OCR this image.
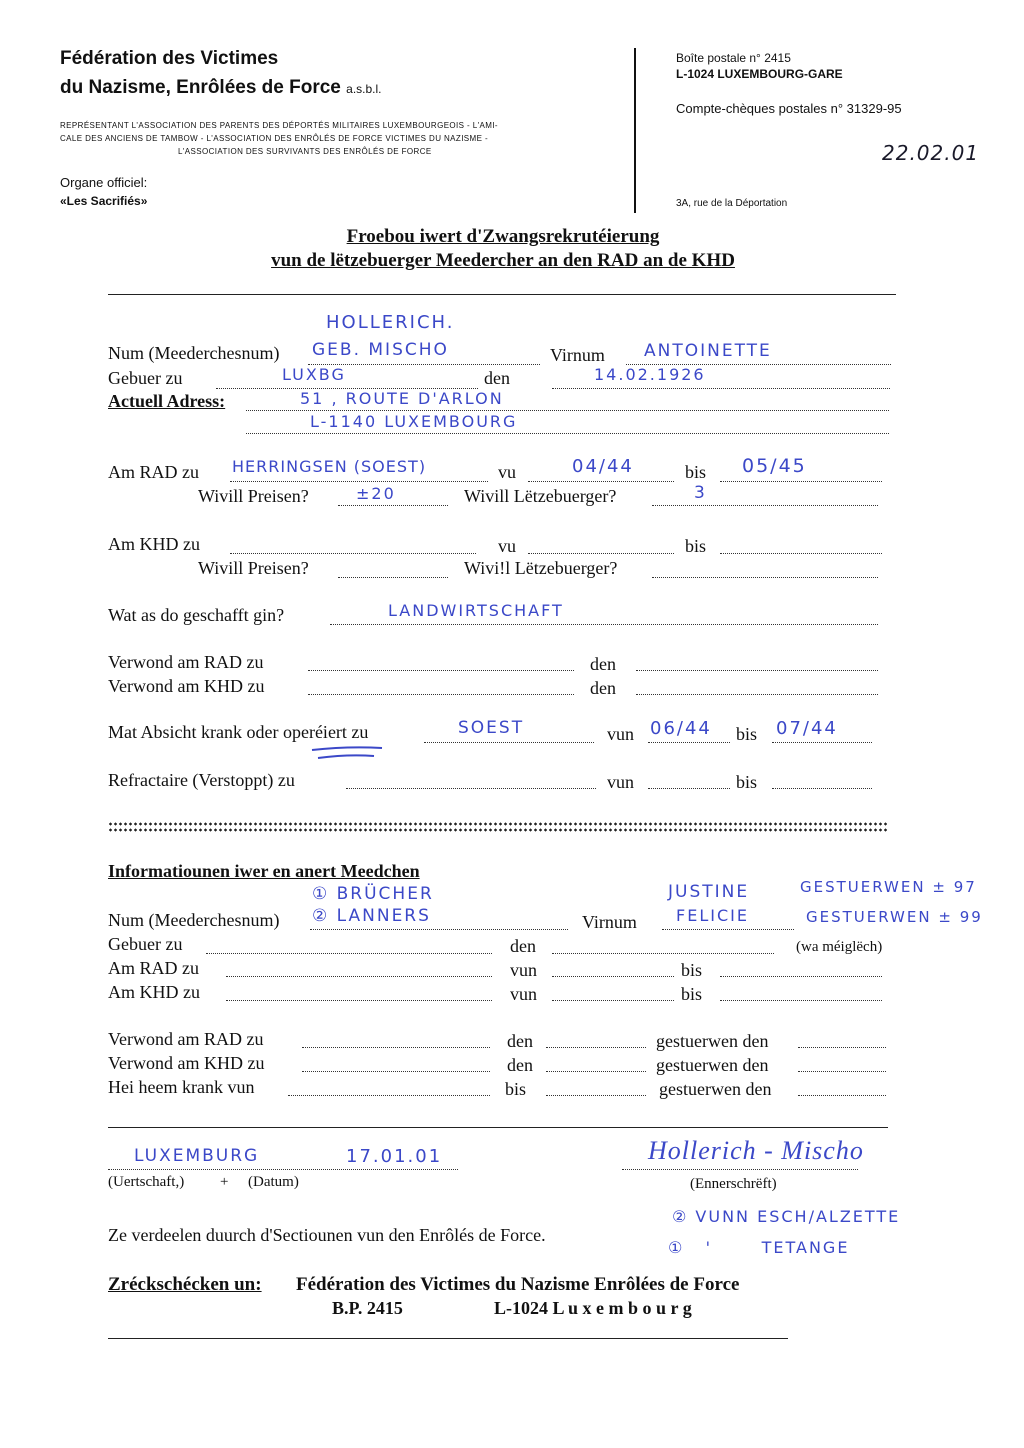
Fédération des Victimes
du Nazisme, Enrôlées de Force a.s.b.l.
REPRÉSENTANT L'ASSOCIATION DES PARENTS DES DÉPORTÉS MILITAIRES LUXEMBOURGEOIS - L'AMI-
CALE DES ANCIENS DE TAMBOW - L'ASSOCIATION DES ENRÔLÉS DE FORCE VICTIMES DU NAZISME -
L'ASSOCIATION DES SURVIVANTS DES ENRÔLÉS DE FORCE
Organe officiel:
«Les Sacrifiés»
Boîte postale n° 2415
L-1024 LUXEMBOURG-GARE
Compte-chèques postales n° 31329-95
22.02.01
3A, rue de la Déportation
Froebou iwert d'Zwangsrekrutéierung
vun de lëtzebuerger Meedercher an den RAD an de KHD
HOLLERICH.
Num (Meederchesnum) GEB. MISCHO	Virnum ANTOINETTE
Gebuer zu	LUXBG	den	14.02.1926
Actuell Adress:	51 , ROUTE D'ARLON
L-1140 LUXEMBOURG
Am RAD zu HERRINGSEN (SOEST)	vu	04/44	bis 05/45
Wivill Preisen?	±20	Wivill Lëtzebuerger?	3
Am KHD zu	vu	bis
Wivill Preisen?	Wivi!l Lëtzebuerger?
Wat as do geschafft gin?	LANDWIRTSCHAFT
Verwond am RAD zu	den
Verwond am KHD zu	den
Mat Absicht krank oder operéiert zu	SOEST	vun 06/44 bis 07/44
Refractaire (Verstoppt) zu	vun	bis
Informatiounen iwer en anert Meedchen
① BRÜCHER	JUSTINE	GESTUERWEN ± 97
Num (Meederchesnum) ② LANNERS	Virnum FELICIE	GESTUERWEN ± 99
Gebuer zu	den	(wa méiglëch)
Am RAD zu	vun	bis
Am KHD zu	vun	bis
Verwond am RAD zu	den	gestuerwen den
Verwond am KHD zu	den	gestuerwen den
Hei heem krank vun	bis	gestuerwen den
LUXEMBURG	17.01.01
(Uertschaft,) + (Datum)
Hollerich - Mischo
(Ennerschrëft)
Ze verdeelen duurch d'Sectiounen vun den Enrôlés de Force.
② VUNN ESCH/ALZETTE
①   '       TETANGE
Zréckschécken un: Fédération des Victimes du Nazisme Enrôlées de Force
B.P. 2415	L-1024 L u x e m b o u r g
